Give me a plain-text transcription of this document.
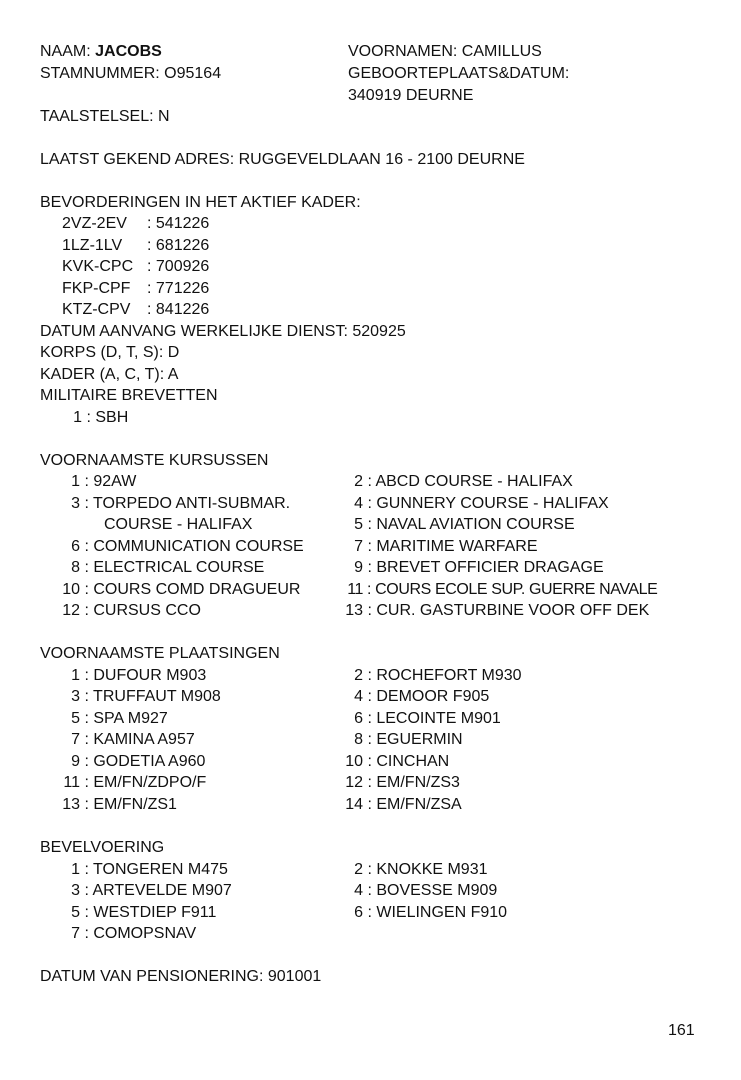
NAAM: JACOBS
STAMNUMMER: O95164
VOORNAMEN: CAMILLUS
GEBOORTEPLAATS&DATUM:
340919 DEURNE
TAALSTELSEL: N
LAATST GEKEND ADRES: RUGGEVELDLAAN 16 - 2100 DEURNE
BEVORDERINGEN IN HET AKTIEF KADER:
2VZ-2EV : 541226
1LZ-1LV : 681226
KVK-CPC : 700926
FKP-CPF : 771226
KTZ-CPV : 841226
DATUM AANVANG WERKELIJKE DIENST: 520925
KORPS (D, T, S): D
KADER (A, C, T): A
MILITAIRE BREVETTEN
1 : SBH
VOORNAAMSTE KURSUSSEN
1 : 92AW
3 : TORPEDO ANTI-SUBMAR.
COURSE - HALIFAX
6 : COMMUNICATION COURSE
8 : ELECTRICAL COURSE
10 : COURS COMD DRAGUEUR
12 : CURSUS CCO
2 : ABCD COURSE - HALIFAX
4 : GUNNERY COURSE - HALIFAX
5 : NAVAL AVIATION COURSE
7 : MARITIME WARFARE
9 : BREVET OFFICIER DRAGAGE
11 : COURS ECOLE SUP. GUERRE NAVALE
13 : CUR. GASTURBINE VOOR OFF DEK
VOORNAAMSTE PLAATSINGEN
1 : DUFOUR M903
3 : TRUFFAUT M908
5 : SPA M927
7 : KAMINA A957
9 : GODETIA A960
11 : EM/FN/ZDPO/F
13 : EM/FN/ZS1
2 : ROCHEFORT M930
4 : DEMOOR F905
6 : LECOINTE M901
8 : EGUERMIN
10 : CINCHAN
12 : EM/FN/ZS3
14 : EM/FN/ZSA
BEVELVOERING
1 : TONGEREN M475
3 : ARTEVELDE M907
5 : WESTDIEP F911
7 : COMOPSNAV
2 : KNOKKE M931
4 : BOVESSE M909
6 : WIELINGEN F910
DATUM VAN PENSIONERING: 901001
161
